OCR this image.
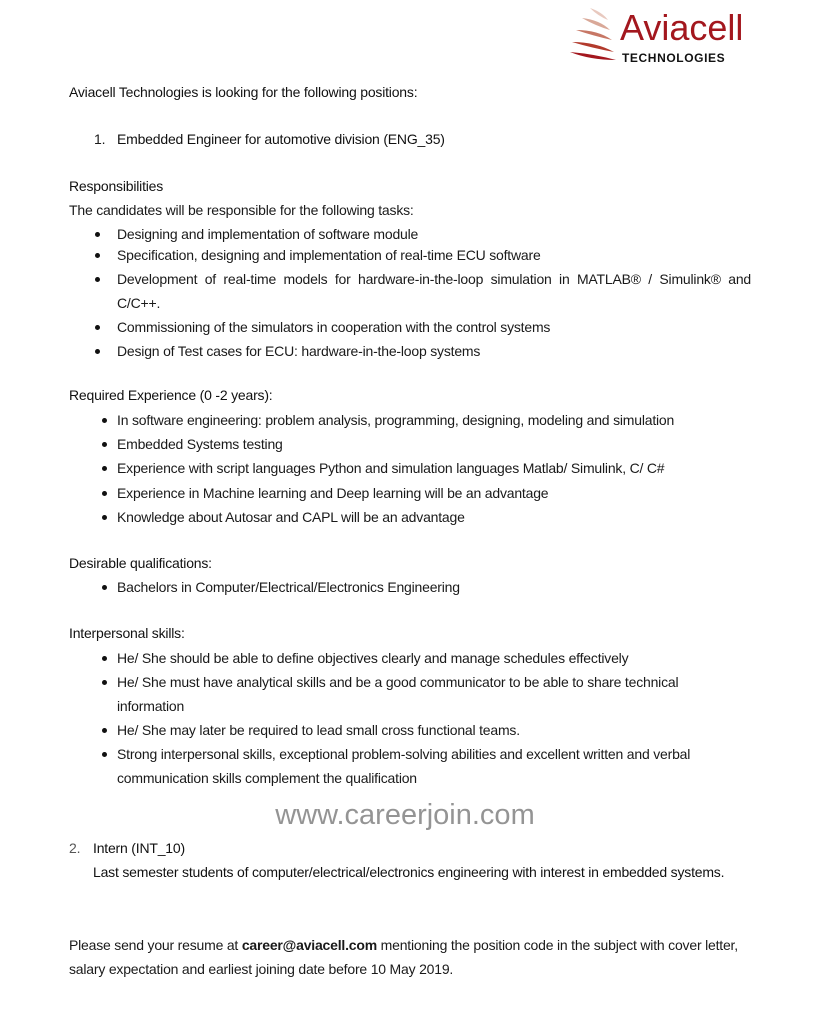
Aviacell
TECHNOLOGIES
Aviacell Technologies is looking for the following positions:
1. Embedded Engineer for automotive division (ENG_35)
Responsibilities
The candidates will be responsible for the following tasks:
Designing and implementation of software module
Specification, designing and implementation of real-time ECU software
Development of real-time models for hardware-in-the-loop simulation in MATLAB® / Simulink® and C/C++.
Commissioning of the simulators in cooperation with the control systems
Design of Test cases for ECU: hardware-in-the-loop systems
Required Experience (0 -2 years):
In software engineering: problem analysis, programming, designing, modeling and simulation
Embedded Systems testing
Experience with script languages Python and simulation languages Matlab/ Simulink, C/ C#
Experience in Machine learning and Deep learning will be an advantage
Knowledge about Autosar and CAPL will be an advantage
Desirable qualifications:
Bachelors in Computer/Electrical/Electronics Engineering
Interpersonal skills:
He/ She should be able to define objectives clearly and manage schedules effectively
He/ She must have analytical skills and be a good communicator to be able to share technical information
He/ She may later be required to lead small cross functional teams.
Strong interpersonal skills, exceptional problem-solving abilities and excellent written and verbal communication skills complement the qualification
www.careerjoin.com
2. Intern (INT_10)
Last semester students of computer/electrical/electronics engineering with interest in embedded systems.
Please send your resume at career@aviacell.com mentioning the position code in the subject with cover letter, salary expectation and earliest joining date before 10 May 2019.
